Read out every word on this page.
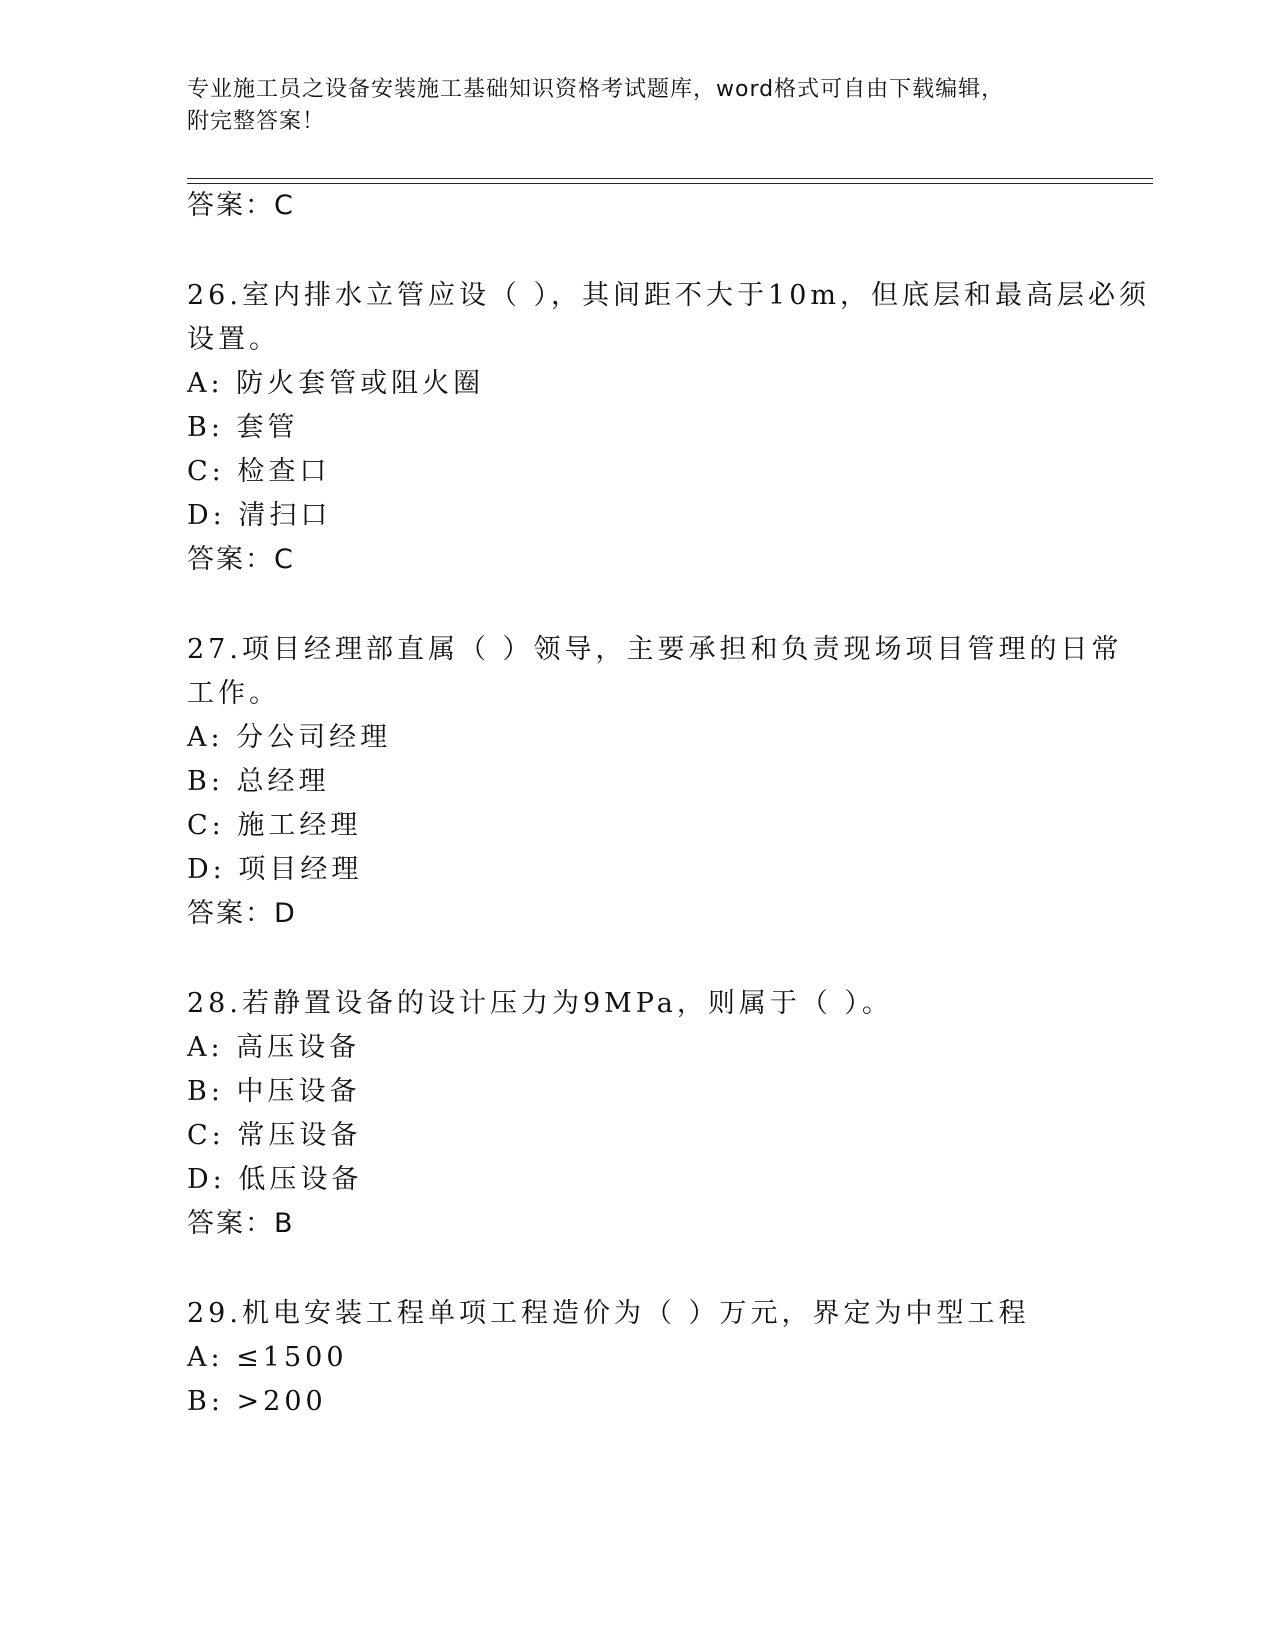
专业施工员之设备安装施工基础知识资格考试题库，word格式可自由下载编辑，
附完整答案！
答案：C
26.室内排水立管应设（ ），其间距不大于10m，但底层和最高层必须
设置。
A: 防火套管或阻火圈
B: 套管
C: 检查口
D: 清扫口
答案：C
27.项目经理部直属（ ）领导，主要承担和负责现场项目管理的日常
工作。
A: 分公司经理
B: 总经理
C: 施工经理
D: 项目经理
答案：D
28.若静置设备的设计压力为9MPa，则属于（ ）。
A: 高压设备
B: 中压设备
C: 常压设备
D: 低压设备
答案：B
29.机电安装工程单项工程造价为（ ）万元，界定为中型工程
A: ≤1500
B: >200
